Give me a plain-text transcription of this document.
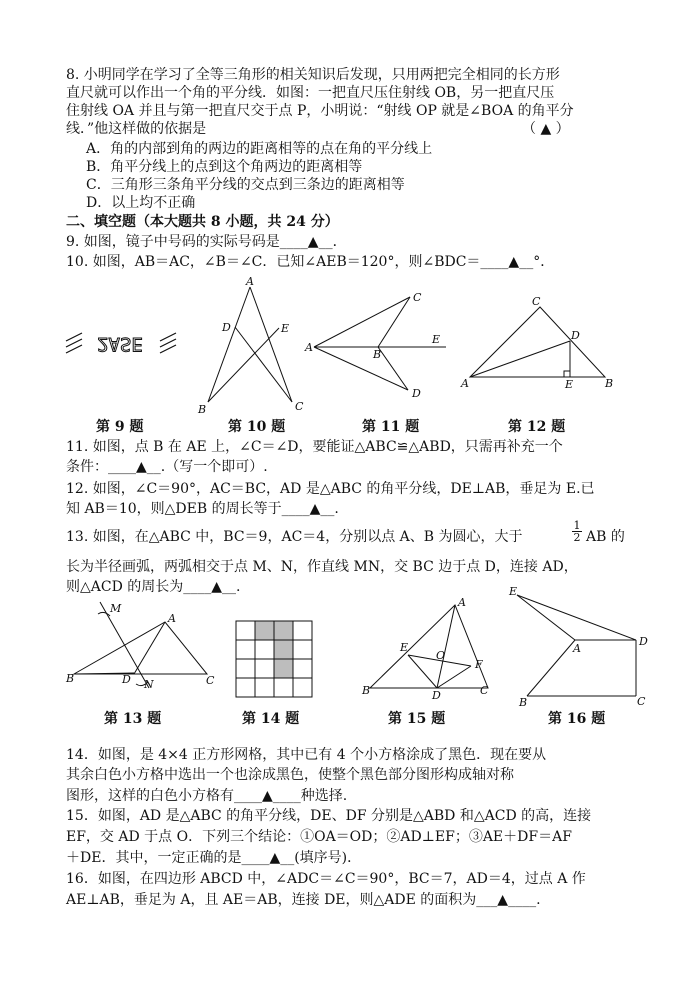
8. 小明同学在学习了全等三角形的相关知识后发现，只用两把完全相同的长方形
直尺就可以作出一个角的平分线．如图：一把直尺压住射线 OB，另一把直尺压
住射线 OA 并且与第一把直尺交于点 P，小明说：“射线 OP 就是∠BOA 的角平分
线．”他这样做的依据是	（ ▲ ）
A．角的内部到角的两边的距离相等的点在角的平分线上
B．角平分线上的点到这个角两边的距离相等
C．三角形三条角平分线的交点到三条边的距离相等
D．以上均不正确
二、填空题（本大题共 8 小题，共 24 分）
9. 如图，镜子中号码的实际号码是____▲__．
10. 如图，AB＝AC，∠B＝∠C．已知∠AEB＝120°，则∠BDC＝____▲__°．
2ASE
第 9 题
A
B	C
D	E
第 10 题
A
B
C
D
E
第 11 题
A	B
C
D
E
第 12 题
11. 如图，点 B 在 AE 上，∠C＝∠D，要能证△ABC≌△ABD，只需再补充一个
条件：____▲__.（写一个即可）.
12. 如图，∠C＝90°，AC＝BC，AD 是△ABC 的角平分线，DE⊥AB，垂足为 E.已
知 AB＝10，则△DEB 的周长等于____▲__.
13. 如图，在△ABC 中，BC＝9，AC＝4，分别以点 A、B 为圆心，大于
1
2 AB 的
长为半径画弧，两弧相交于点 M、N，作直线 MN，交 BC 边于点 D，连接 AD，
则△ACD 的周长为____▲__.
M
A
B	C
D N
第 13 题	第 14 题
A
B	C
D
E
F
O
第 15 题
E
A
D
C
B
第 16 题
14．如图，是 4×4 正方形网格，其中已有 4 个小方格涂成了黑色．现在要从
其余白色小方格中选出一个也涂成黑色，使整个黑色部分图形构成轴对称
图形，这样的白色小方格有____▲____种选择.
15．如图，AD 是△ABC 的角平分线，DE、DF 分别是△ABD 和△ACD 的高，连接
EF，交 AD 于点 O．下列三个结论：①OA＝OD；②AD⊥EF；③AE＋DF＝AF
＋DE．其中，一定正确的是____▲__(填序号)．
16．如图，在四边形 ABCD 中，∠ADC＝∠C＝90°，BC＝7，AD＝4，过点 A 作
AE⊥AB，垂足为 A，且 AE＝AB，连接 DE，则△ADE 的面积为___▲____.
